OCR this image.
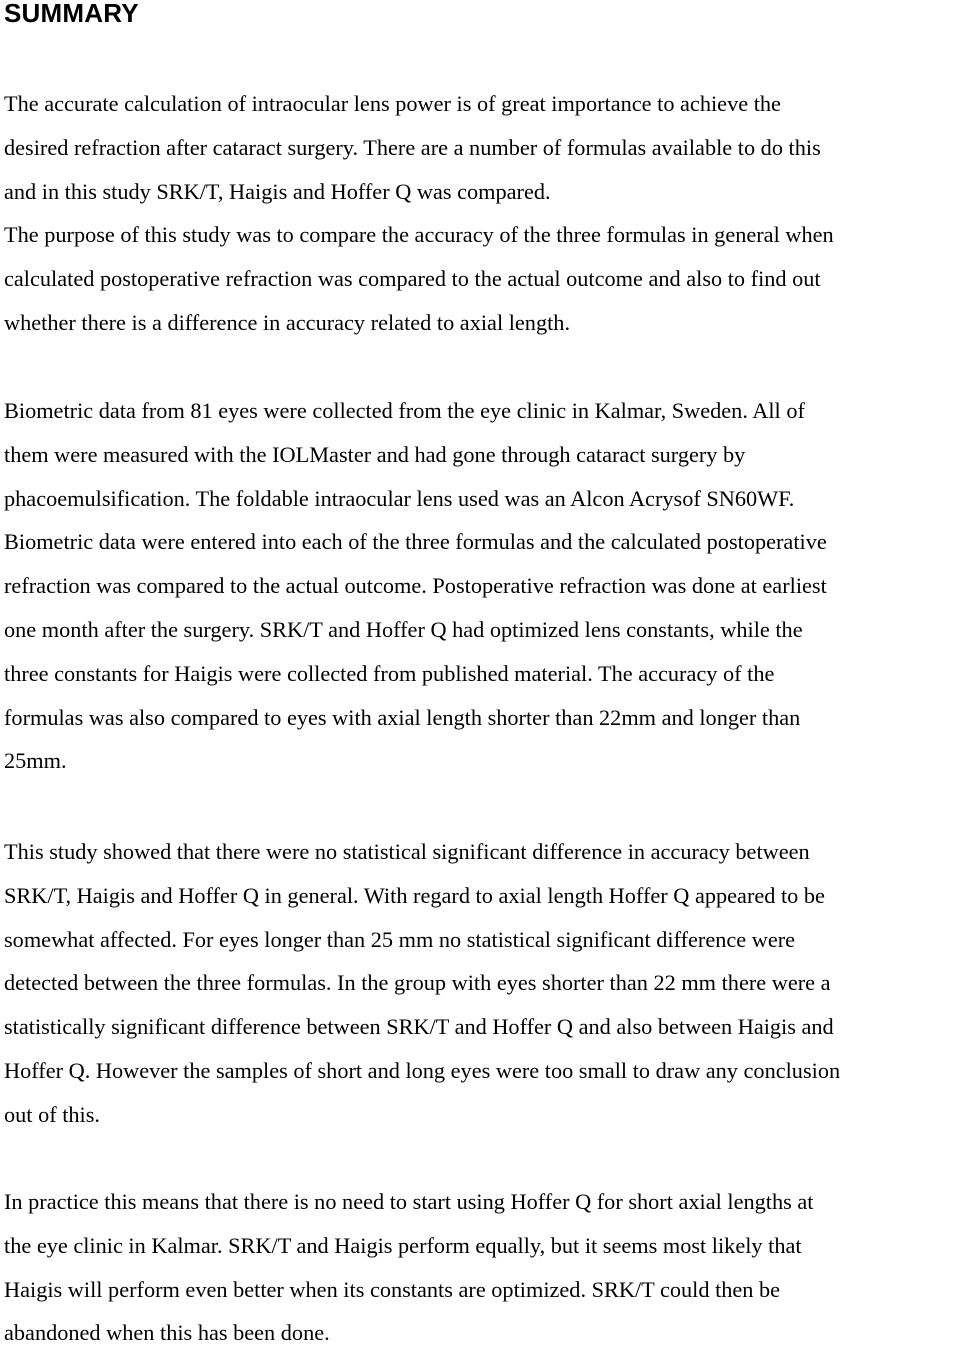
SUMMARY

The accurate calculation of intraocular lens power is of great importance to achieve the
desired refraction after cataract surgery. There are a number of formulas available to do this
and in this study SRK/T, Haigis and Hoffer Q was compared.
The purpose of this study was to compare the accuracy of the three formulas in general when
calculated postoperative refraction was compared to the actual outcome and also to find out
whether there is a difference in accuracy related to axial length.

Biometric data from 81 eyes were collected from the eye clinic in Kalmar, Sweden. All of
them were measured with the IOLMaster and had gone through cataract surgery by
phacoemulsification. The foldable intraocular lens used was an Alcon Acrysof SN60WF.
Biometric data were entered into each of the three formulas and the calculated postoperative
refraction was compared to the actual outcome. Postoperative refraction was done at earliest
one month after the surgery. SRK/T and Hoffer Q had optimized lens constants, while the
three constants for Haigis were collected from published material. The accuracy of the
formulas was also compared to eyes with axial length shorter than 22mm and longer than
25mm.

This study showed that there were no statistical significant difference in accuracy between
SRK/T, Haigis and Hoffer Q in general. With regard to axial length Hoffer Q appeared to be
somewhat affected. For eyes longer than 25 mm no statistical significant difference were
detected between the three formulas. In the group with eyes shorter than 22 mm there were a
statistically significant difference between SRK/T and Hoffer Q and also between Haigis and
Hoffer Q. However the samples of short and long eyes were too small to draw any conclusion
out of this.

In practice this means that there is no need to start using Hoffer Q for short axial lengths at
the eye clinic in Kalmar. SRK/T and Haigis perform equally, but it seems most likely that
Haigis will perform even better when its constants are optimized. SRK/T could then be
abandoned when this has been done.
